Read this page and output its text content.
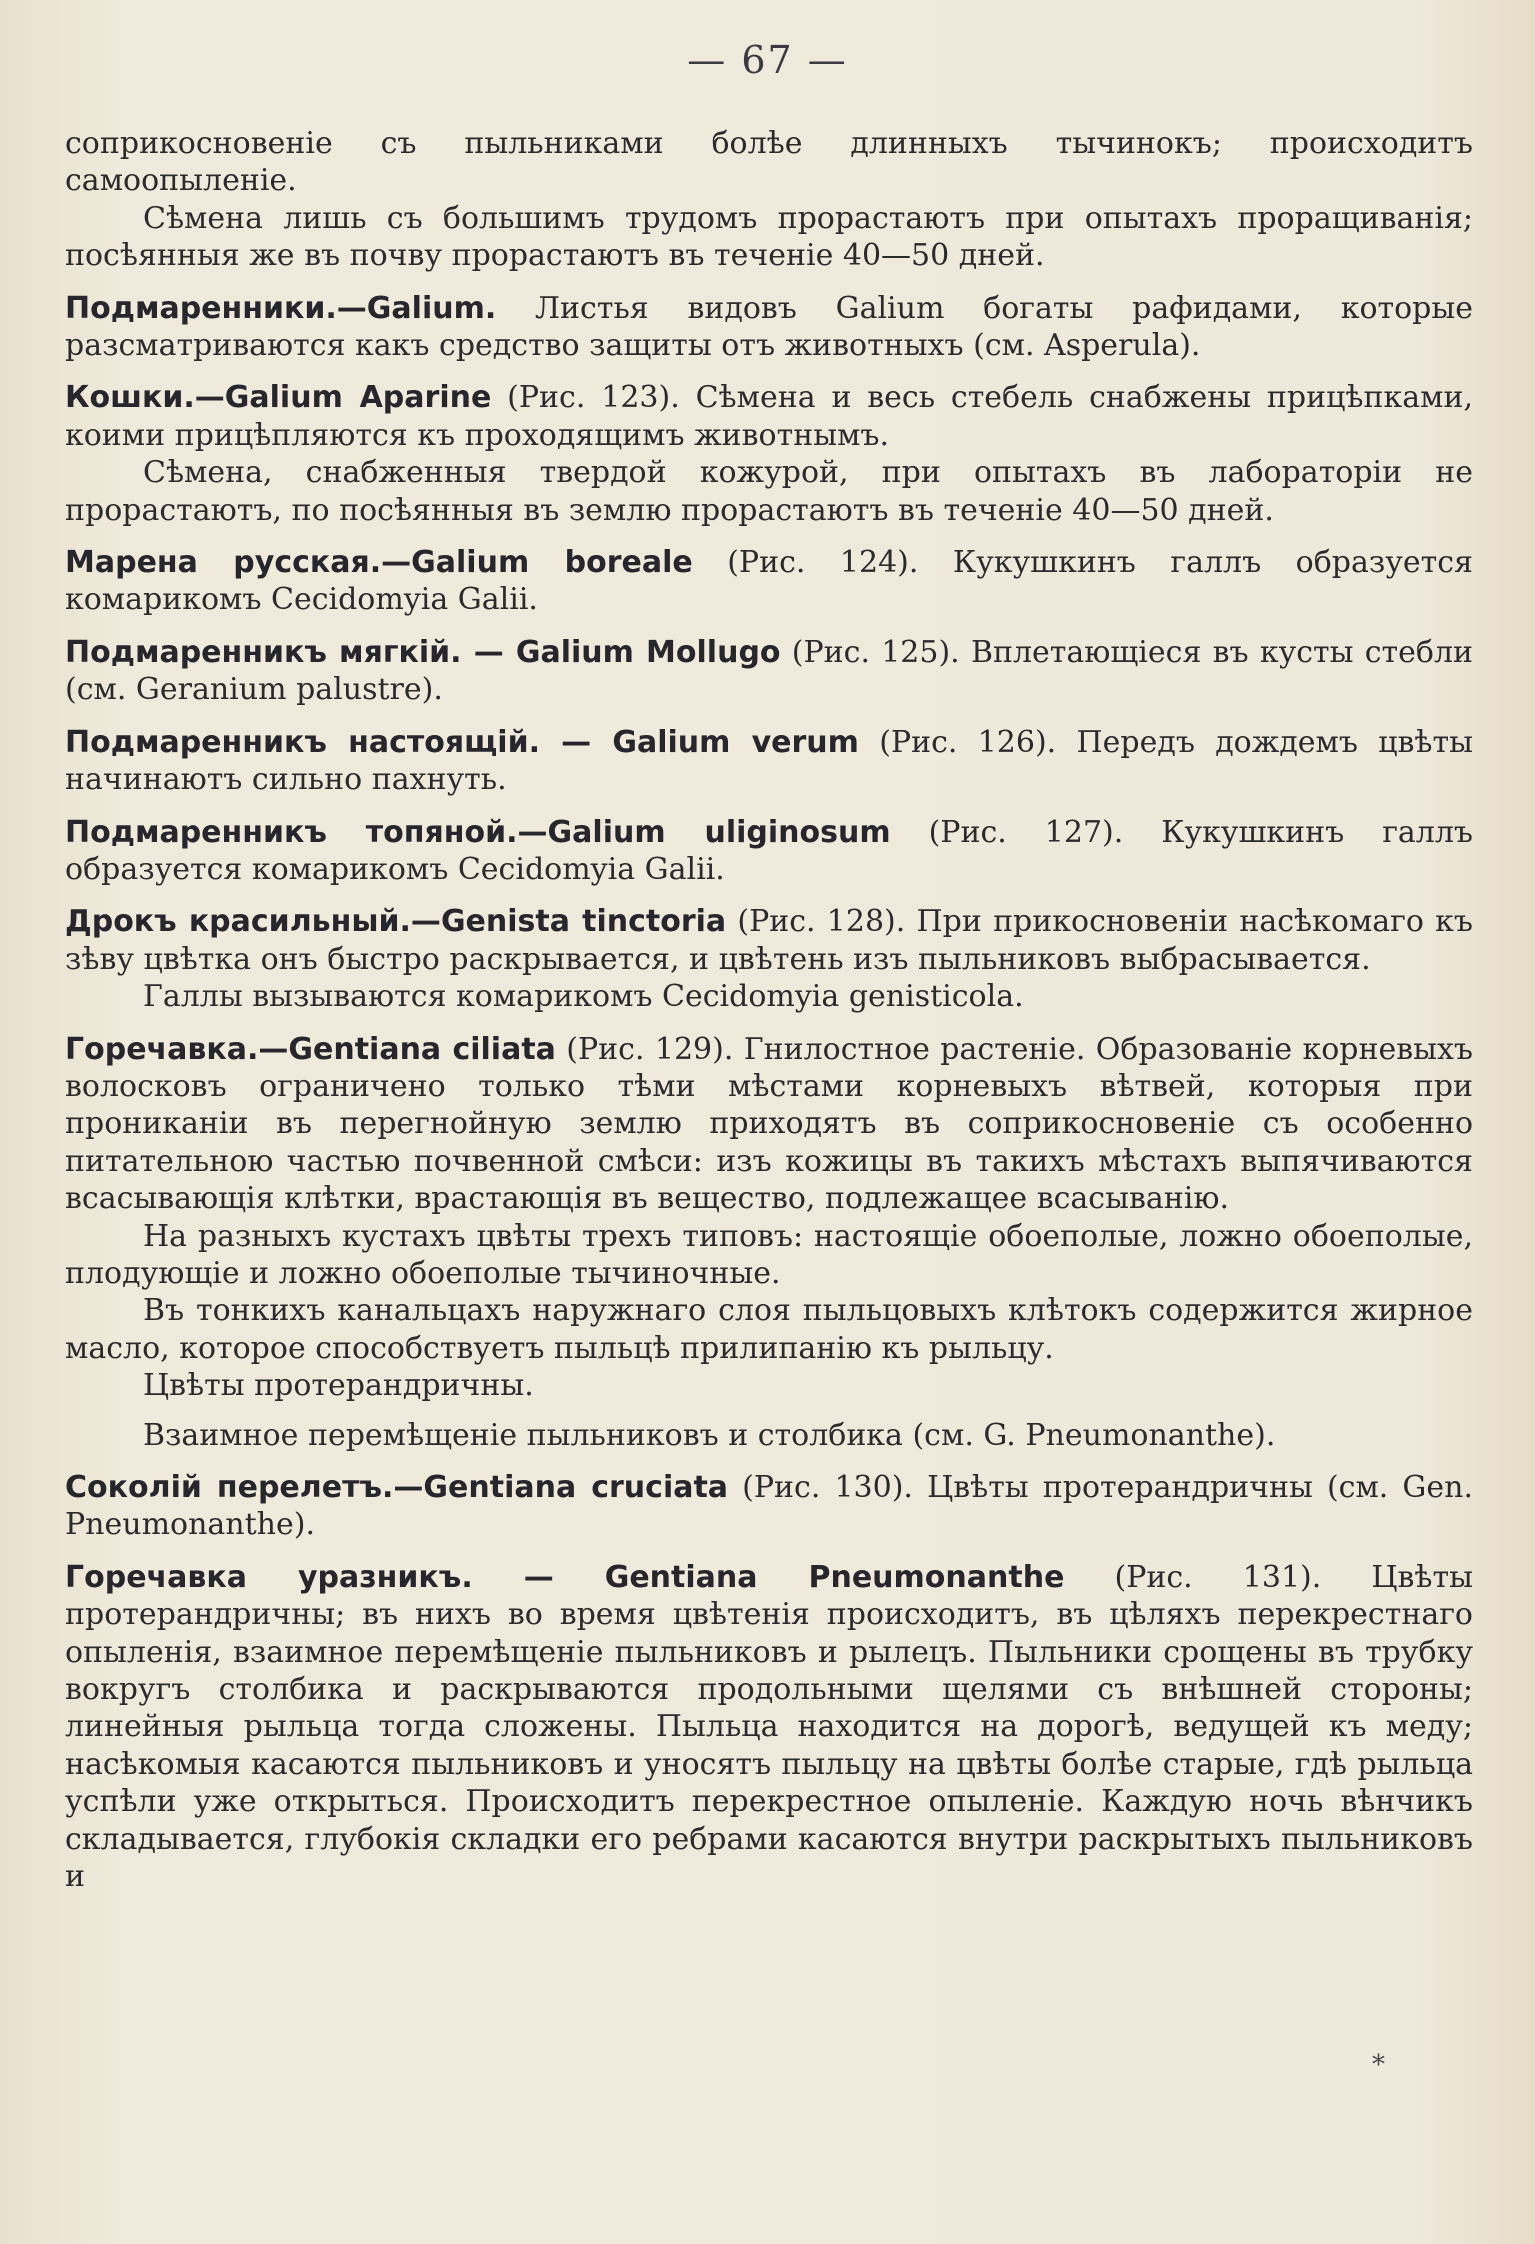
— 67 —

соприкосновеніе съ пыльниками болѣе длинныхъ тычинокъ; происходитъ самоопыленіе.

Сѣмена лишь съ большимъ трудомъ прорастаютъ при опытахъ проращиванія; посѣянныя же въ почву прорастаютъ въ теченіе 40—50 дней.

Подмаренники.—Galium. Листья видовъ Galium богаты рафидами, которые разсматриваются какъ средство защиты отъ животныхъ (см. Asperula).

Кошки.—Galium Aparine (Рис. 123). Сѣмена и весь стебель снабжены прицѣпками, коими прицѣпляются къ проходящимъ животнымъ.

Сѣмена, снабженныя твердой кожурой, при опытахъ въ лабораторіи не прорастаютъ, по посѣянныя въ землю прорастаютъ въ теченіе 40—50 дней.

Марена русская.—Galium boreale (Рис. 124). Кукушкинъ галлъ образуется комарикомъ Cecidomyia Galii.

Подмаренникъ мягкій. — Galium Mollugo (Рис. 125). Вплетающіеся въ кусты стебли (см. Geranium palustre).

Подмаренникъ настоящій. — Galium verum (Рис. 126). Передъ дождемъ цвѣты начинаютъ сильно пахнуть.

Подмаренникъ топяной.—Galium uliginosum (Рис. 127). Кукушкинъ галлъ образуется комарикомъ Cecidomyia Galii.

Дрокъ красильный.—Genista tinctoria (Рис. 128). При прикосновеніи насѣкомаго къ зѣву цвѣтка онъ быстро раскрывается, и цвѣтень изъ пыльниковъ выбрасывается.

Галлы вызываются комарикомъ Cecidomyia genisticola.

Горечавка.—Gentiana ciliata (Рис. 129). Гнилостное растеніе. Образованіе корневыхъ волосковъ ограничено только тѣми мѣстами корневыхъ вѣтвей, которыя при проникaніи въ перегнойную землю приходятъ въ соприкосновеніе съ особенно питательною частью почвенной смѣси: изъ кожицы въ такихъ мѣстахъ выпячиваются всасывающія клѣтки, врастающія въ вещество, подлежащее всасыванію.

На разныхъ кустахъ цвѣты трехъ типовъ: настоящіе обоеполые, ложно обоеполые, плодующіе и ложно обоеполые тычиночные.

Въ тонкихъ канальцахъ наружнаго слоя пыльцовыхъ клѣтокъ содержится жирное масло, которое способствуетъ пыльцѣ прилипанію къ рыльцу.

Цвѣты протерандричны.

Взаимное перемѣщеніе пыльниковъ и столбика (см. G. Pneumonanthe).

Соколій перелетъ.—Gentiana cruciata (Рис. 130). Цвѣты протерандричны (см. Gen. Pneumonanthe).

Горечавка уразникъ. — Gentiana Pneumonanthe (Рис. 131). Цвѣты протерандричны; въ нихъ во время цвѣтенія происходитъ, въ цѣляхъ перекрестнаго опыленія, взаимное перемѣщеніе пыльниковъ и рылецъ. Пыльники срощены въ трубку вокругъ столбика и раскрываются продольными щелями съ внѣшней стороны; линейныя рыльца тогда сложены. Пыльца находится на дорогѣ, ведущей къ меду; насѣкомыя касаются пыльниковъ и уносятъ пыльцу на цвѣты болѣе старые, гдѣ рыльца успѣли уже открыться. Происходитъ перекрестное опыленіе. Каждую ночь вѣнчикъ складывается, глубокія складки его ребрами касаются внутри раскрытыхъ пыльниковъ и

*
